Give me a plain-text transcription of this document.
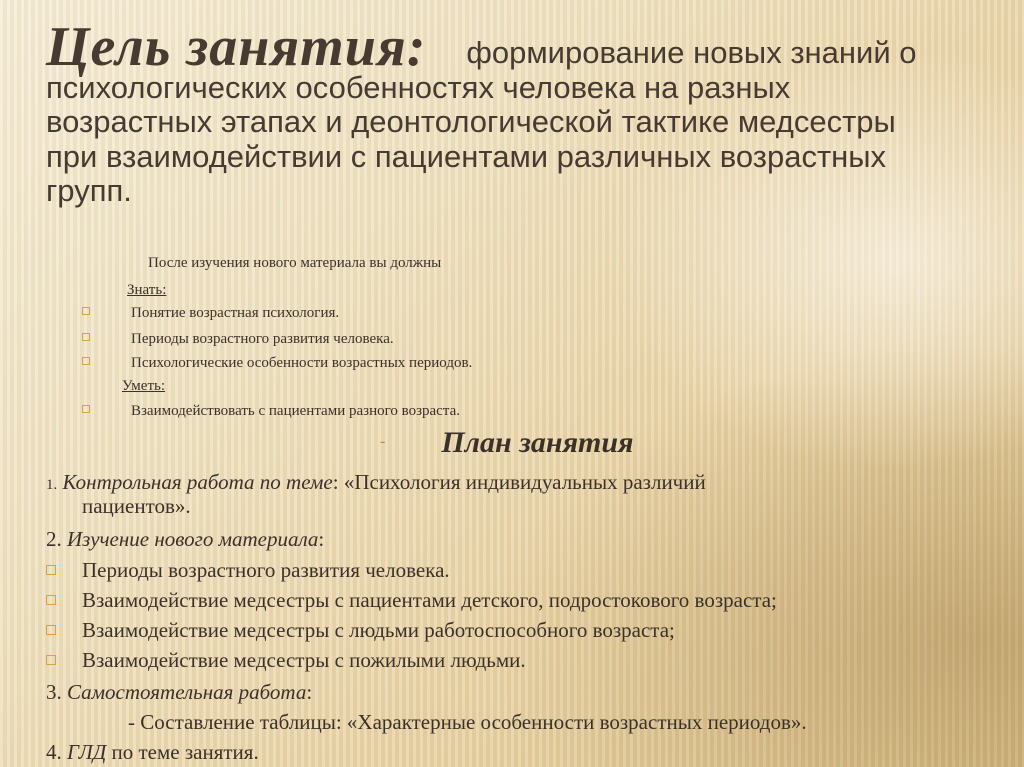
Цель занятия: формирование новых знаний о
психологических особенностях человека на разных
возрастных этапах и деонтологической тактике медсестры
при взаимодействии с пациентами различных возрастных
групп.
После изучения нового материала вы должны
Знать:
Понятие возрастная психология.
Периоды возрастного развития человека.
Психологические особенности возрастных периодов.
Уметь:
Взаимодействовать с пациентами разного возраста.
- План занятия
1. Контрольная работа по теме: «Психология индивидуальных различий
пациентов».
2. Изучение нового материала:
Периоды возрастного развития человека.
Взаимодействие медсестры с пациентами детского, подростокового возраста;
Взаимодействие медсестры с людьми работоспособного возраста;
Взаимодействие медсестры с пожилыми людьми.
3. Самостоятельная работа:
- Составление таблицы: «Характерные особенности возрастных периодов».
4. ГЛД по теме занятия.
